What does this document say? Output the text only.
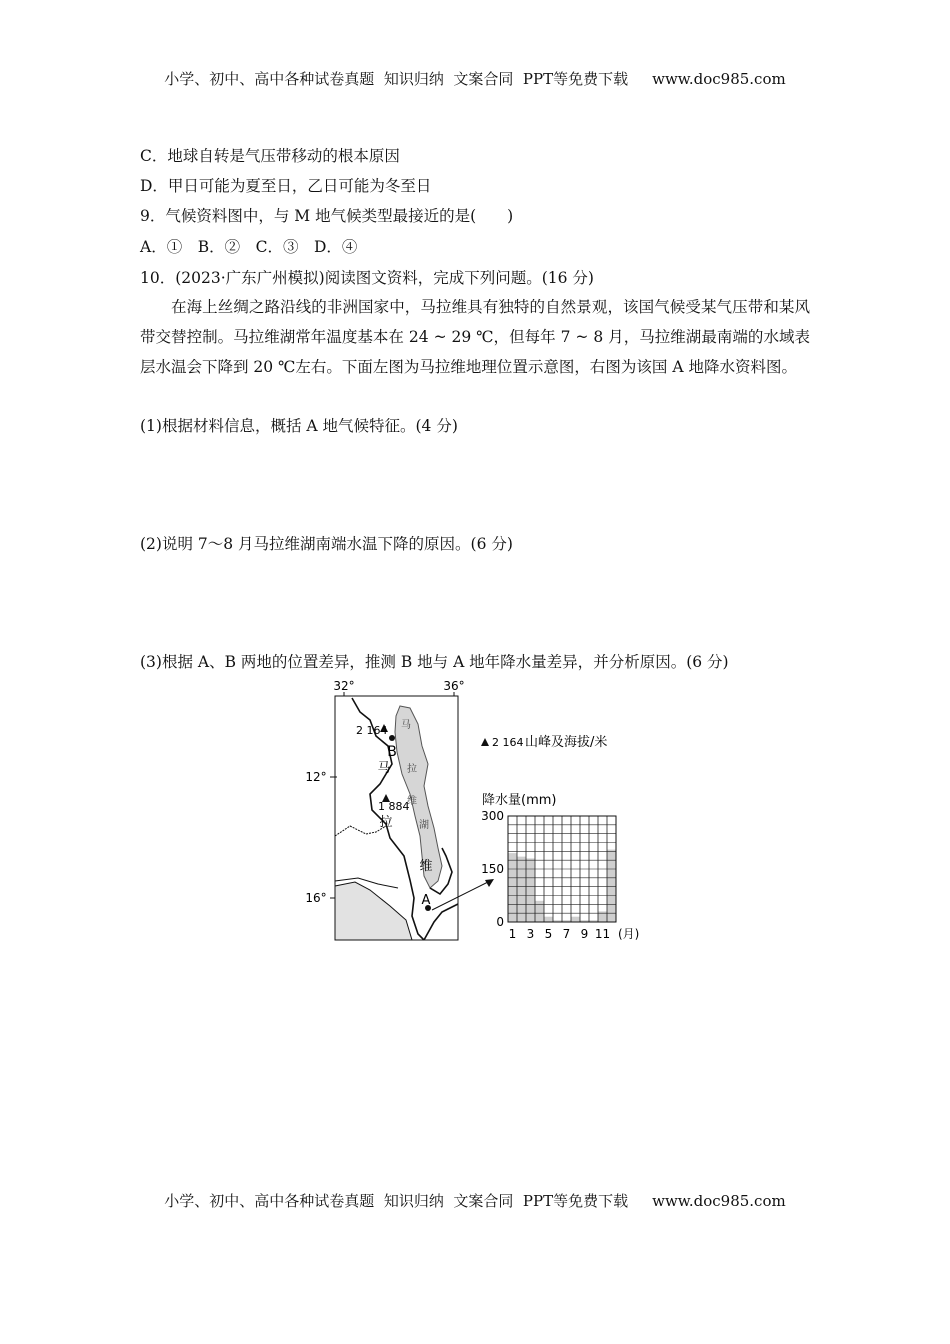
小学、初中、高中各种试卷真题  知识归纳  文案合同  PPT等免费下载 www.doc985.com
C．地球自转是气压带移动的根本原因
D．甲日可能为夏至日，乙日可能为冬至日
9．气候资料图中，与 M 地气候类型最接近的是(　　)
A．①　B．②　C．③　D．④
10．(2023·广东广州模拟)阅读图文资料，完成下列问题。(16 分)
在海上丝绸之路沿线的非洲国家中，马拉维具有独特的自然景观，该国气候受某气压带和某风带交替控制。马拉维湖常年温度基本在 24 ~ 29 ℃，但每年 7 ~ 8 月，马拉维湖最南端的水域表层水温会下降到 20 ℃左右。下面左图为马拉维地理位置示意图，右图为该国 A 地降水资料图。
(1)根据材料信息，概括 A 地气候特征。(4 分)
(2)说明 7～8 月马拉维湖南端水温下降的原因。(6 分)
(3)根据 A、B 两地的位置差异，推测 B 地与 A 地年降水量差异，并分析原因。(6 分)
32°	36°
12°
16°
2 164
1 884
B
A
马
拉
维
马
拉
维
湖
2 164 山峰及海拔/米
降水量(mm)
0
150
300
1 3 5 7 9 11 (月)
小学、初中、高中各种试卷真题  知识归纳  文案合同  PPT等免费下载 www.doc985.com
